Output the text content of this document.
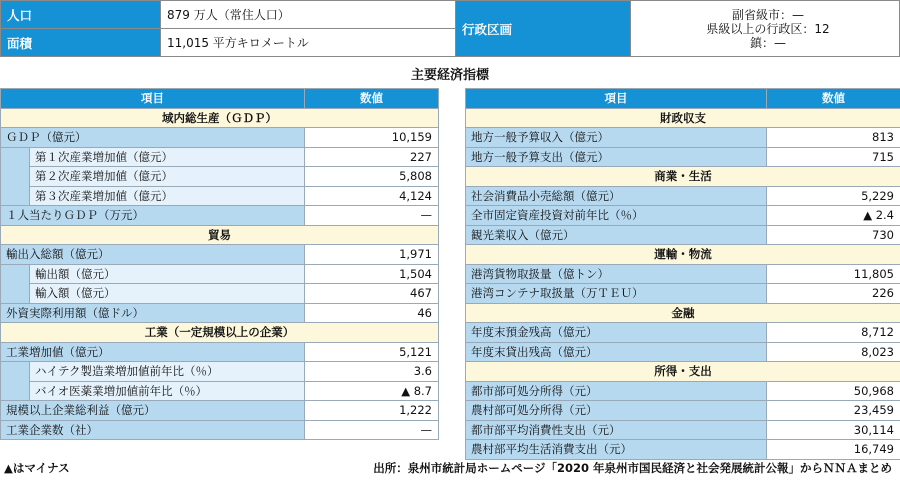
人口	879 万人（常住人口）
面積	11,015 平方キロメートル
行政区画
副省級市：—
県級以上の行政区：12
鎮：—
主要経済指標
項目		数値
域内総生産（ＧＤＰ）		
ＧＤＰ（億元）		10,159
	第１次産業増加値（億元）	227
	第２次産業増加値（億元）	5,808
	第３次産業増加値（億元）	4,124
１人当たりＧＤＰ（万元）		—
貿易		
輸出入総額（億元）		1,971
	輸出額（億元）	1,504
	輸入額（億元）	467
外資実際利用額（億ドル）		46
工業（一定規模以上の企業）		
工業増加値（億元）		5,121
	ハイテク製造業増加値前年比（％）	3.6
	バイオ医薬業増加値前年比（％）	▲ 8.7
規模以上企業総利益（億元）		1,222
工業企業数（社）		—
項目	数値
財政収支	
地方一般予算収入（億元）	813
地方一般予算支出（億元）	715
商業・生活	
社会消費品小売総額（億元）	5,229
全市固定資産投資対前年比（％）	▲ 2.4
観光業収入（億元）	730
運輸・物流	
港湾貨物取扱量（億トン）	11,805
港湾コンテナ取扱量（万ＴＥＵ）	226
金融	
年度末預金残高（億元）	8,712
年度末貸出残高（億元）	8,023
所得・支出	
都市部可処分所得（元）	50,968
農村部可処分所得（元）	23,459
都市部平均消費性支出（元）	30,114
農村部平均生活消費支出（元）	16,749
▲はマイナス	出所：泉州市統計局ホームページ「2020 年泉州市国民経済と社会発展統計公報」からＮＮＡまとめ
